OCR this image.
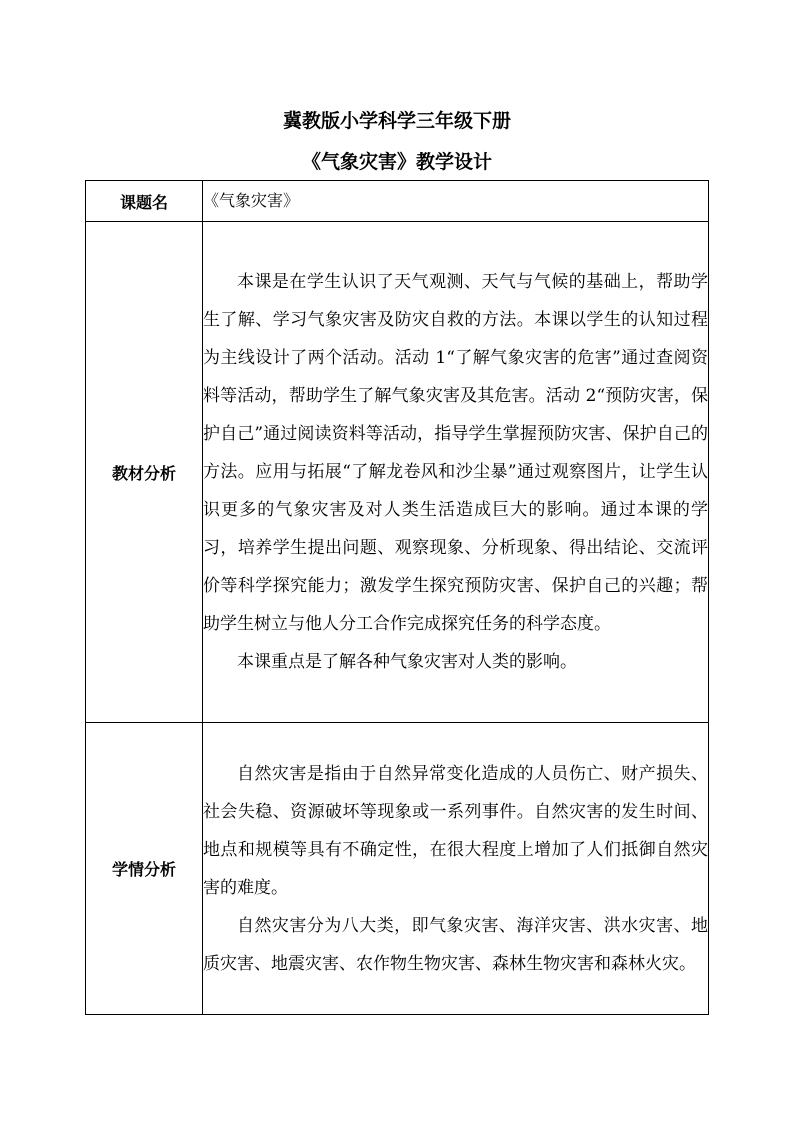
冀教版小学科学三年级下册
《气象灾害》教学设计
课题名	《气象灾害》

教材分析	本课是在学生认识了天气观测、天气与气候的基础上，帮助学生了解、学习气象灾害及防灾自救的方法。本课以学生的认知过程为主线设计了两个活动。活动 1“了解气象灾害的危害”通过查阅资料等活动，帮助学生了解气象灾害及其危害。活动 2“预防灾害，保护自己”通过阅读资料等活动，指导学生掌握预防灾害、保护自己的方法。应用与拓展“了解龙卷风和沙尘暴”通过观察图片，让学生认识更多的气象灾害及对人类生活造成巨大的影响。通过本课的学习，培养学生提出问题、观察现象、分析现象、得出结论、交流评价等科学探究能力；激发学生探究预防灾害、保护自己的兴趣；帮助学生树立与他人分工合作完成探究任务的科学态度。

本课重点是了解各种气象灾害对人类的影响。

学情分析	自然灾害是指由于自然异常变化造成的人员伤亡、财产损失、社会失稳、资源破坏等现象或一系列事件。自然灾害的发生时间、地点和规模等具有不确定性，在很大程度上增加了人们抵御自然灾害的难度。

自然灾害分为八大类，即气象灾害、海洋灾害、洪水灾害、地质灾害、地震灾害、农作物生物灾害、森林生物灾害和森林火灾。
